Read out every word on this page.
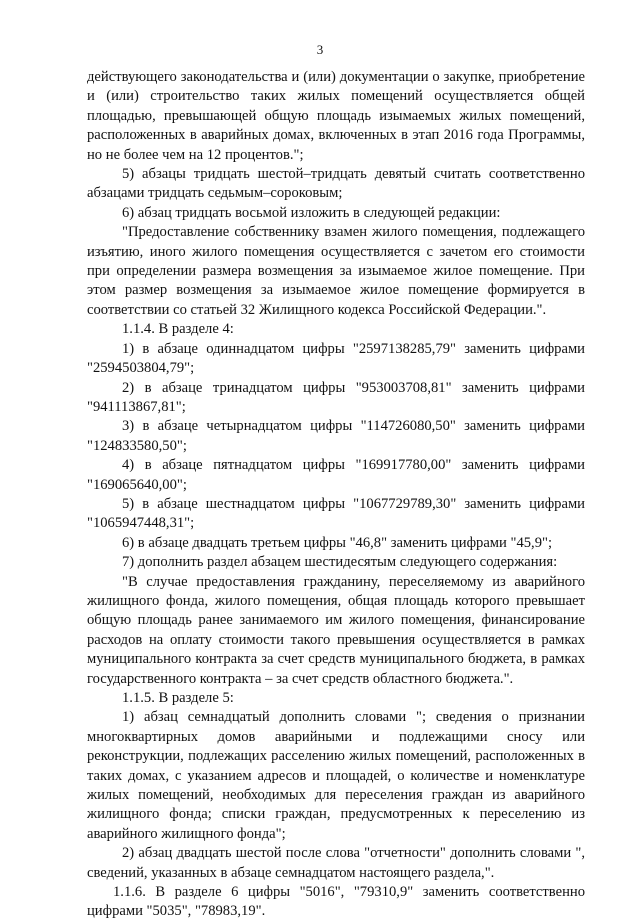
3

действующего законодательства и (или) документации о закупке, приобретение и (или) строительство таких жилых помещений осуществляется общей площадью, превышающей общую площадь изымаемых жилых помещений, расположенных в аварийных домах, включенных в этап 2016 года Программы, но не более чем на 12 процентов.";

5) абзацы тридцать шестой–тридцать девятый считать соответственно абзацами тридцать седьмым–сороковым;

6) абзац тридцать восьмой изложить в следующей редакции:

"Предоставление собственнику взамен жилого помещения, подлежащего изъятию, иного жилого помещения осуществляется с зачетом его стоимости при определении размера возмещения за изымаемое жилое помещение. При этом размер возмещения за изымаемое жилое помещение формируется в соответствии со статьей 32 Жилищного кодекса Российской Федерации.".

1.1.4. В разделе 4:

1) в абзаце одиннадцатом цифры "2597138285,79" заменить цифрами "2594503804,79";

2) в абзаце тринадцатом цифры "953003708,81" заменить цифрами "941113867,81";

3) в абзаце четырнадцатом цифры "114726080,50" заменить цифрами "124833580,50";

4) в абзаце пятнадцатом цифры "169917780,00" заменить цифрами "169065640,00";

5) в абзаце шестнадцатом цифры "1067729789,30" заменить цифрами "1065947448,31";

6) в абзаце двадцать третьем цифры "46,8" заменить цифрами "45,9";

7) дополнить раздел абзацем шестидесятым следующего содержания:

"В случае предоставления гражданину, переселяемому из аварийного жилищного фонда, жилого помещения, общая площадь которого превышает общую площадь ранее занимаемого им жилого помещения, финансирование расходов на оплату стоимости такого превышения осуществляется в рамках муниципального контракта за счет средств муниципального бюджета, в рамках государственного контракта – за счет средств областного бюджета.".

1.1.5. В разделе 5:

1) абзац семнадцатый дополнить словами "; сведения о признании многоквартирных домов аварийными и подлежащими сносу или реконструкции, подлежащих расселению жилых помещений, расположенных в таких домах, с указанием адресов и площадей, о количестве и номенклатуре жилых помещений, необходимых для переселения граждан из аварийного жилищного фонда; списки граждан, предусмотренных к переселению из аварийного жилищного фонда";

2) абзац двадцать шестой после слова "отчетности" дополнить словами ", сведений, указанных в абзаце семнадцатом настоящего раздела,".

1.1.6. В разделе 6 цифры "5016", "79310,9" заменить соответственно цифрами "5035", "78983,19".
